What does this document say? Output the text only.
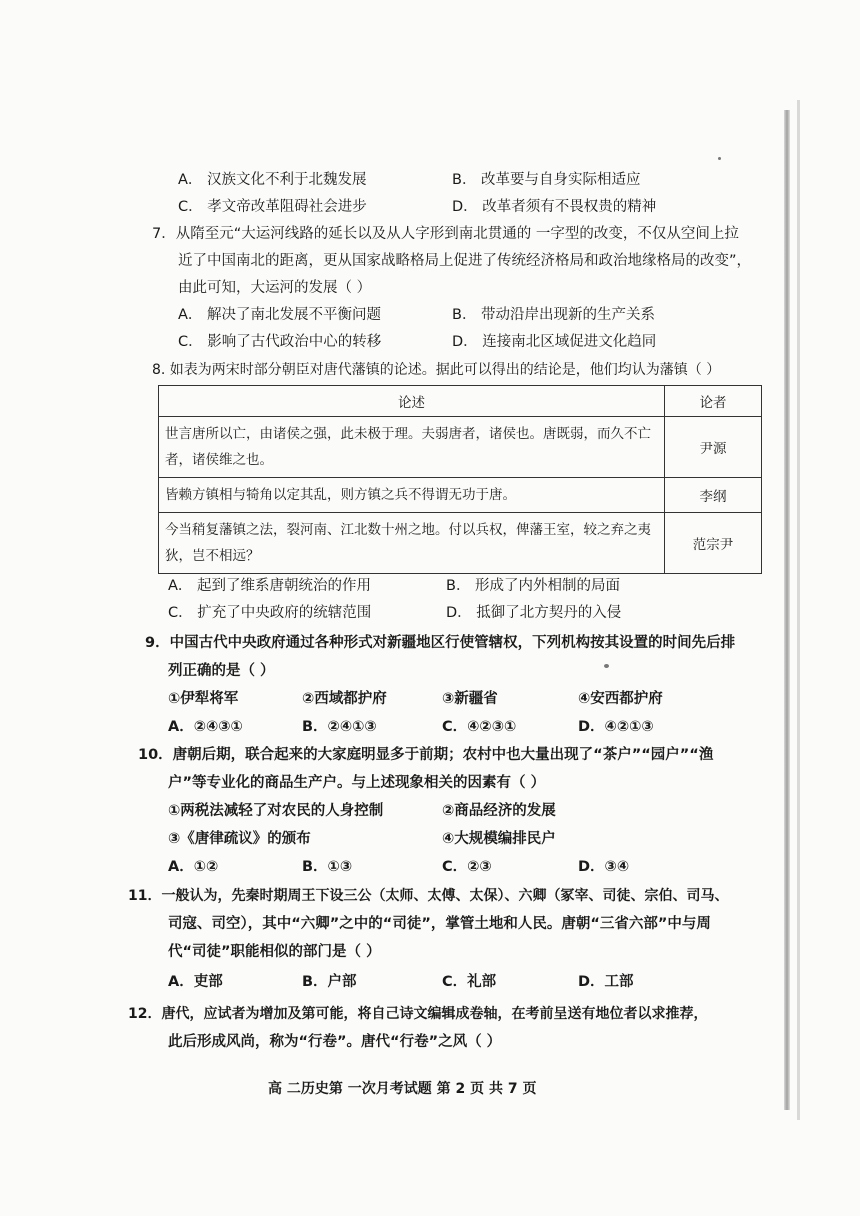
A． 汉族文化不利于北魏发展	B． 改革要与自身实际相适应
C． 孝文帝改革阻碍社会进步	D． 改革者须有不畏权贵的精神
7．从隋至元“大运河线路的延长以及从人字形到南北贯通的 一字型的改变，不仅从空间上拉
近了中国南北的距离，更从国家战略格局上促进了传统经济格局和政治地缘格局的改变”，
由此可知，大运河的发展（ ）
A． 解决了南北发展不平衡问题	B． 带动沿岸出现新的生产关系
C． 影响了古代政治中心的转移	D． 连接南北区域促进文化趋同
8. 如表为两宋时部分朝臣对唐代藩镇的论述。据此可以得出的结论是，他们均认为藩镇（ ）
论述	论者
世言唐所以亡，由诸侯之强，此未极于理。夫弱唐者，诸侯也。唐既弱，而久不亡者，诸侯维之也。	尹源
皆赖方镇相与犄角以定其乱，则方镇之兵不得谓无功于唐。	李纲
今当稍复藩镇之法，裂河南、江北数十州之地。付以兵权，俾藩王室，较之弃之夷狄，岂不相远？	范宗尹
A． 起到了维系唐朝统治的作用	B． 形成了内外相制的局面
C． 扩充了中央政府的统辖范围	D． 抵御了北方契丹的入侵
9．中国古代中央政府通过各种形式对新疆地区行使管辖权，下列机构按其设置的时间先后排
列正确的是（ ）
①伊犁将军	②西域都护府	③新疆省	④安西都护府
A．②④③①	B．②④①③	C．④②③①	D．④②①③
10．唐朝后期，联合起来的大家庭明显多于前期；农村中也大量出现了“茶户”“园户”“渔
户”等专业化的商品生产户。与上述现象相关的因素有（ ）
①两税法减轻了对农民的人身控制	②商品经济的发展
③《唐律疏议》的颁布	④大规模编排民户
A．①②	B．①③	C．②③	D．③④
11．一般认为，先秦时期周王下设三公（太师、太傅、太保）、六卿（冢宰、司徒、宗伯、司马、
司寇、司空），其中“六卿”之中的“司徒”，掌管土地和人民。唐朝“三省六部”中与周
代“司徒”职能相似的部门是（ ）
A．吏部	B．户部	C．礼部	D．工部
12．唐代，应试者为增加及第可能，将自己诗文编辑成卷轴，在考前呈送有地位者以求推荐，
此后形成风尚，称为“行卷”。唐代“行卷”之风（ ）
高 二历史第 一次月考试题 第 2 页 共 7 页
